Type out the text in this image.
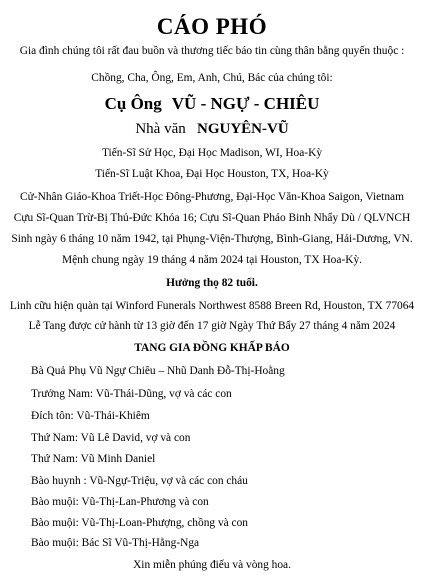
CÁO PHÓ
Gia đình chúng tôi rất đau buồn và thương tiếc báo tin cùng thân bằng quyến thuộc :
Chồng, Cha, Ông, Em, Anh, Chú, Bác của chúng tôi:
Cụ Ông VŨ - NGỰ - CHIÊU
Nhà văn NGUYÊN-VŨ
Tiến-Sĩ Sử Học, Đại Học Madison, WI, Hoa-Kỳ
Tiến-Sĩ Luật Khoa, Đại Học Houston, TX, Hoa-Kỳ
Cử-Nhân Giáo-Khoa Triết-Học Đông-Phương, Đại-Học Văn-Khoa Saigon, Vietnam
Cựu Sĩ-Quan Trừ-Bị Thủ-Đức Khóa 16; Cựu Sĩ-Quan Pháo Binh Nhẩy Dù / QLVNCH
Sinh ngày 6 tháng 10 năm 1942, tại Phụng-Viện-Thượng, Bình-Giang, Hải-Dương, VN.
Mệnh chung ngày 19 tháng 4 năm 2024 tại Houston, TX Hoa-Kỳ.
Hưởng thọ 82 tuổi.
Linh cữu hiện quàn tại Winford Funerals Northwest 8588 Breen Rd, Houston, TX 77064
Lễ Tang được cử hành từ 13 giờ đến 17 giờ Ngày Thứ Bẩy 27 tháng 4 năm 2024
TANG GIA ĐỒNG KHẤP BÁO
Bà Quả Phụ Vũ Ngự Chiêu – Nhũ Danh Đỗ-Thị-Hoằng
Trưởng Nam: Vũ-Thái-Dũng, vợ và các con
Đích tôn: Vũ-Thái-Khiêm
Thứ Nam: Vũ Lê David, vợ và con
Thứ Nam: Vũ Minh Daniel
Bào huynh : Vũ-Ngự-Triệu, vợ và các con cháu
Bào muội: Vũ-Thị-Lan-Phương và con
Bào muội: Vũ-Thị-Loan-Phượng, chồng và con
Bào muội: Bác Sĩ Vũ-Thị-Hằng-Nga
Xin miễn phúng điếu và vòng hoa.
